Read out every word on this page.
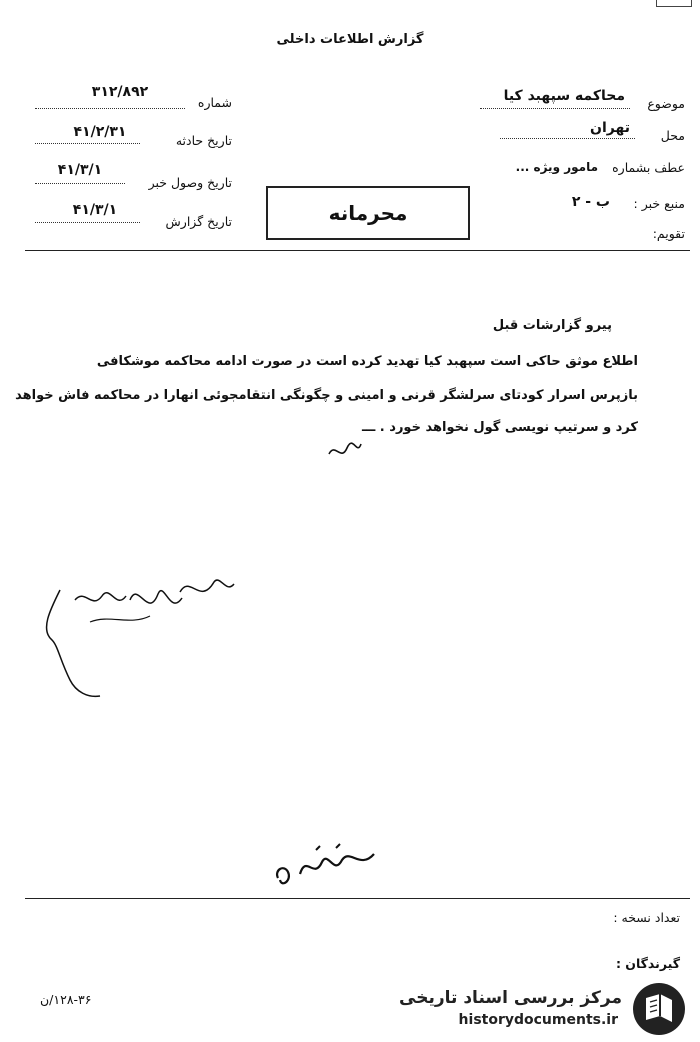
گزارش اطلاعات داخلی
شماره
۳۱۲/۸۹۲
تاریخ حادثه
۴۱/۲/۳۱
تاریخ وصول خبر
۴۱/۳/۱
تاریخ گزارش
۴۱/۳/۱
موضوع
محاکمه سپهبد کیا
محل
تهران
عطف بشماره
مامور ویژه ...
منبع خبر :
ب - ۲
تقویم:
محرمانه
پیرو گزارشات قبل
اطلاع موثق حاکی است سپهبد کیا تهدید کرده است در صورت ادامه محاکمه موشکافی
بازپرس اسرار کودتای سرلشگر قرنی و امینی و چگونگی انتقامجوئی انهارا در محاکمه فاش خواهد
کرد و سرتیپ نویسی گول نخواهد خورد . ـــ
تعداد نسخه :
گیرندگان :
۱۲۸-۳۶/ن	مرکز بررسی اسناد تاریخی
historydocuments.ir
